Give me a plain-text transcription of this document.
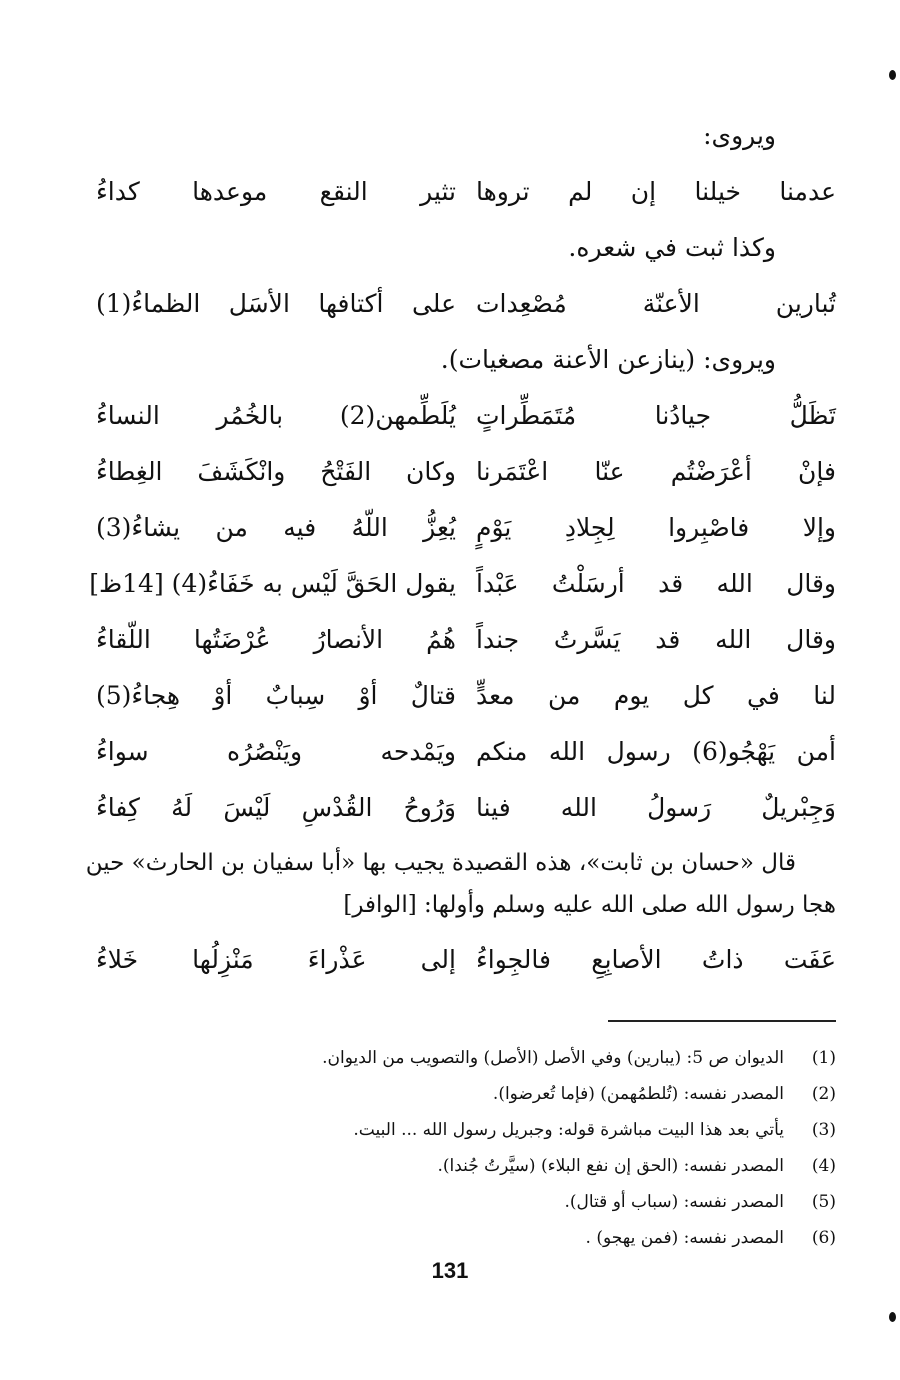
ويروى:
عدمنا خيلنا إن لم تروها
تثير النقع موعدها كداءُ
وكذا ثبت في شعره.
تُبارين الأعنّة مُصْعِدات
على أكتافها الأسَل الظماءُ(1)
ويروى: (ينازعن الأعنة مصغيات).
تَظَلُّ جيادُنا مُتَمَطِّراتٍ
يُلَطِّمهن(2) بالخُمُر النساءُ
فإنْ أعْرَضْتُم عنّا اعْتَمَرنا
وكان الفَتْحُ وانْكَشَفَ الغِطاءُ
وإلا فاصْبِروا لِجِلادِ يَوْمٍ
يُعِزُّ اللّهُ فيه من يشاءُ(3)
وقال الله قد أرسَلْتُ عَبْداً
يقول الحَقَّ لَيْس به خَفَاءُ(4) [14ظ]
وقال الله قد يَسَّرتُ جنداً
هُمُ الأنصارُ عُرْضَتُها اللّقاءُ
لنا في كل يوم من معدٍّ
قتالٌ أوْ سِبابٌ أوْ هِجاءُ(5)
أمن يَهْجُو(6) رسول الله منكم
ويَمْدحه ويَنْصُرُه سواءُ
وَجِبْريلٌ رَسولُ الله فينا
وَرُوحُ القُدْسِ لَيْسَ لَهُ كِفاءُ
قال «حسان بن ثابت»، هذه القصيدة يجيب بها «أبا سفيان بن الحارث» حين
هجا رسول الله صلى الله عليه وسلم وأولها: [الوافر]
عَفَت ذاتُ الأصابِعِ فالجِواءُ
إلى عَذْراءَ مَنْزِلُها خَلاءُ
(1)
الديوان ص 5: (يبارين) وفي الأصل (الأصل) والتصويب من الديوان.
(2)
المصدر نفسه: (تُلطمُهمن) (فإما تُعرضوا).
(3)
يأتي بعد هذا البيت مباشرة قوله: وجبريل رسول الله ... البيت.
(4)
المصدر نفسه: (الحق إن نفع البلاء) (سيَّرتُ جُندا).
(5)
المصدر نفسه: (سباب أو قتال).
(6)
المصدر نفسه: (فمن يهجو) .
131
